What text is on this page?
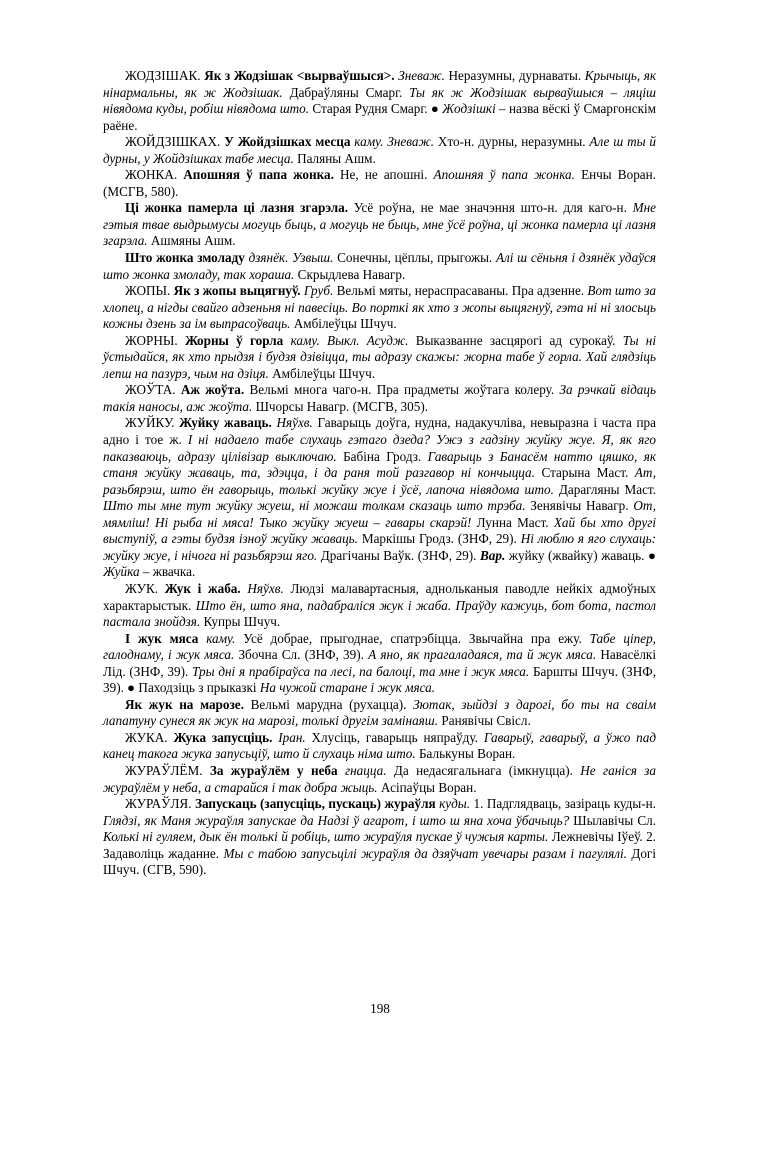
ЖОДЗІШАК. Як з Жодзішак <вырваўшыся>. Зневаж. Неразумны, дурнаваты. Крычыць, як нінармальны, як ж Жодзішак. Дабраўляны Смарг. Ты як ж Жодзішак вырваўшыся – ляціш нівядома куды, робіш нівядома што. Старая Рудня Смарг. ● Жодзішкі – назва вёскі ў Смаргонскім раёне.

ЖОЙДЗІШКАХ. У Жойдзішках месца каму. Зневаж. Хто-н. дурны, неразумны. Але ш ты й дурны, у Жойдзішках табе месца. Паляны Ашм.

ЖОНКА. Апошняя ў папа жонка. Не, не апошні. Апошняя ў папа жонка. Енчы Воран. (МСГВ, 580).

Ці жонка памерла ці лазня згарэла. Усё роўна, не мае значэння што-н. для каго-н. Мне гэтыя твае выдрымусы могуць быць, а могуць не быць, мне ўсё роўна, ці жонка памерла ці лазня згарэла. Ашмяны Ашм.

Што жонка змоладу дзянёк. Узвыш. Сонечны, цёплы, прыгожы. Алі ш сёньня і дзянёк удаўся што жонка змоладу, так хораша. Скрыдлева Навагр.

ЖОПЫ. Як з жопы выцягнуў. Груб. Вельмі мяты, нераспрасаваны. Пра адзенне. Вот што за хлопец, а нігды свайго адзеньня ні павесіць. Во порткі як хто з жопы выцягнуў, гэта ні ні злосьць кожны дзень за ім выпрасоўваць. Амбілеўцы Шчуч.

ЖОРНЫ. Жорны ў горла каму. Выкл. Асудж. Выказванне засцярогі ад сурокаў. Ты ні ўстыдайся, як хто прыдзя і будзя дзівіцца, ты адразу скажы: жорна табе ў горла. Хай глядзіць лепш на пазурэ, чым на дзіця. Амбілеўцы Шчуч.

ЖОЎТА. Аж жоўта. Вельмі многа чаго-н. Пра прадметы жоўтага колеру. За рэчкай відаць такія наносы, аж жоўта. Шчорсы Навагр. (МСГВ, 305).

ЖУЙКУ. Жуйку жаваць. Няўхв. Гаварыць доўга, нудна, надакучліва, невыразна і часта пра адно і тое ж. І ні надаело табе слухаць гэтаго дзеда? Ужэ з гадзіну жуйку жуе. Я, як яго паказваюць, адразу цілівізар выключаю. Бабіна Гродз. Гаварыць з Банасём натто цяшко, як станя жуйку жаваць, та, здэцца, і да раня той разгавор ні кончыцца. Старына Маст. Ат, разьбярэш, што ён гаворыць, толькі жуйку жуе і ўсё, лапоча нівядома што. Дарагляны Маст. Што ты мне тут жуйку жуеш, ні можаш толкам сказаць што трэба. Зенявічы Навагр. От, мямліш! Ні рыба ні мяса! Тыко жуйку жуеш – гавары скарэй! Лунна Маст. Хай бы хто другі выступіў, а гэты будзя ізноў жуйку жаваць. Маркішы Гродз. (ЗНФ, 29). Ні люблю я яго слухаць: жуйку жуе, і нічога ні разьбярэш яго. Драгічаны Ваўк. (ЗНФ, 29). Вар. жуйку (жвайку) жаваць. ● Жуйка – жвачка.

ЖУК. Жук і жаба. Няўхв. Людзі малавартасныя, аднольканыя паводле нейкіх адмоўных характарыстык. Што ён, што яна, падабраліся жук і жаба. Праўду кажуць, бот бота, пастол пастала знойдзя. Купры Шчуч.

І жук мяса каму. Усё добрае, прыгоднае, спатрэбіцца. Звычайна пра ежу. Табе ціпер, галоднаму, і жук мяса. Збочна Сл. (ЗНФ, 39). А яно, як прагаладаяся, та й жук мяса. Навасёлкі Лід. (ЗНФ, 39). Тры дні я прабіраўса па лесі, па балоці, та мне і жук мяса. Баршты Шчуч. (ЗНФ, 39). ● Паходзіць з прыказкі На чужой старане і жук мяса.

Як жук на марозе. Вельмі марудна (рухацца). Зютак, зыйдзі з дарогі, бо ты на сваім лапатуну сунеся як жук на марозі, толькі другім замінаяш. Ранявічы Свісл.

ЖУКА. Жука запусціць. Іран. Хлусіць, гаварыць няпраўду. Гаварыў, гаварыў, а ўжо пад канец такога жука запусьціў, што й слухаць німа што. Балькуны Воран.

ЖУРАЎЛЁМ. За жураўлём у неба гнацца. Да недасягальнага (імкнуцца). Не ганіся за жураўлём у неба, а старайся і так добра жыць. Асіпаўцы Воран.

ЖУРАЎЛЯ. Запускаць (запусціць, пускаць) жураўля куды. 1. Падглядваць, зазіраць куды-н. Глядзі, як Маня жураўля запускае да Надзі ў агарот, і што ш яна хоча ўбачыць? Шылавічы Сл. Колькі ні гуляем, дык ён толькі й робіць, што жураўля пускае ў чужыя карты. Лежневічы Іўеў. 2. Задаволіць жаданне. Мы с табою запусьцілі жураўля да дзяўчат увечары разам і пагулялі. Догі Шчуч. (СГВ, 590).

198
